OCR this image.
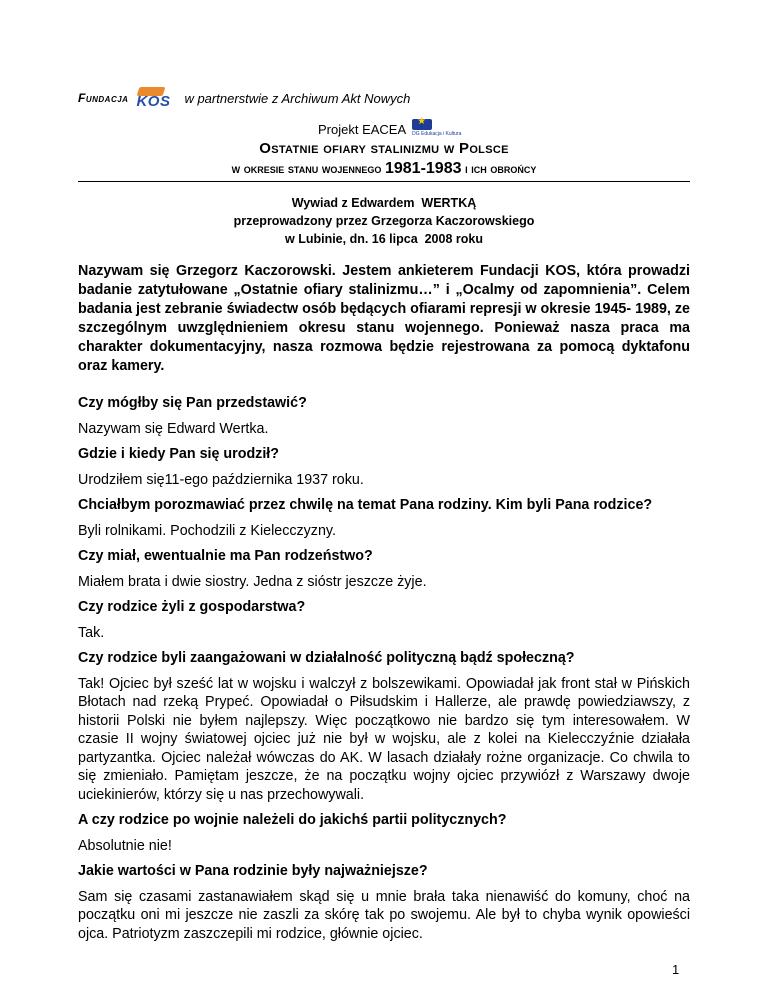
Fundacja KOS w partnerstwie z Archiwum Akt Nowych
Projekt EACEA
★ DG Edukacja i Kultura
Ostatnie ofiary stalinizmu w Polsce
w okresie stanu wojennego 1981-1983 i ich obrońcy
Wywiad z Edwardem  WERTKĄ
przeprowadzony przez Grzegorza Kaczorowskiego
w Lubinie, dn. 16 lipca  2008 roku
Nazywam się Grzegorz Kaczorowski. Jestem ankieterem Fundacji KOS, która prowadzi badanie zatytułowane „Ostatnie ofiary stalinizmu…” i „Ocalmy od zapomnienia”. Celem badania jest zebranie świadectw osób będących ofiarami represji w okresie 1945- 1989, ze szczególnym uwzględnieniem okresu stanu wojennego. Ponieważ nasza praca ma charakter dokumentacyjny, nasza rozmowa będzie rejestrowana za pomocą dyktafonu oraz kamery.
Czy mógłby się Pan przedstawić?
Nazywam się Edward Wertka.
Gdzie i kiedy Pan się urodził?
Urodziłem się11-ego października 1937 roku.
Chciałbym porozmawiać przez chwilę na temat Pana rodziny. Kim byli Pana rodzice?
Byli rolnikami. Pochodzili z Kielecczyzny.
Czy miał, ewentualnie ma Pan rodzeństwo?
Miałem brata i dwie siostry. Jedna z sióstr jeszcze żyje.
Czy rodzice żyli z gospodarstwa?
Tak.
Czy rodzice byli zaangażowani w działalność polityczną bądź społeczną?
Tak! Ojciec był sześć lat w wojsku i walczył z bolszewikami. Opowiadał jak front stał w Pińskich Błotach nad rzeką Prypeć. Opowiadał o Piłsudskim i Hallerze, ale prawdę powiedziawszy, z historii Polski nie byłem najlepszy. Więc początkowo nie bardzo się tym interesowałem. W czasie II wojny światowej ojciec już nie był w wojsku, ale z kolei na Kielecczyźnie działała partyzantka. Ojciec należał wówczas do AK. W lasach działały rożne organizacje. Co chwila to się zmieniało. Pamiętam jeszcze, że na początku wojny ojciec przywiózł z Warszawy dwoje uciekinierów, którzy się u nas przechowywali.
A czy rodzice po wojnie należeli do jakichś partii politycznych?
Absolutnie nie!
Jakie wartości w Pana rodzinie były najważniejsze?
Sam się czasami zastanawiałem skąd się u mnie brała taka nienawiść do komuny, choć na początku oni mi jeszcze nie zaszli za skórę tak po swojemu. Ale był to chyba wynik opowieści ojca. Patriotyzm zaszczepili mi rodzice, głównie ojciec.
1
